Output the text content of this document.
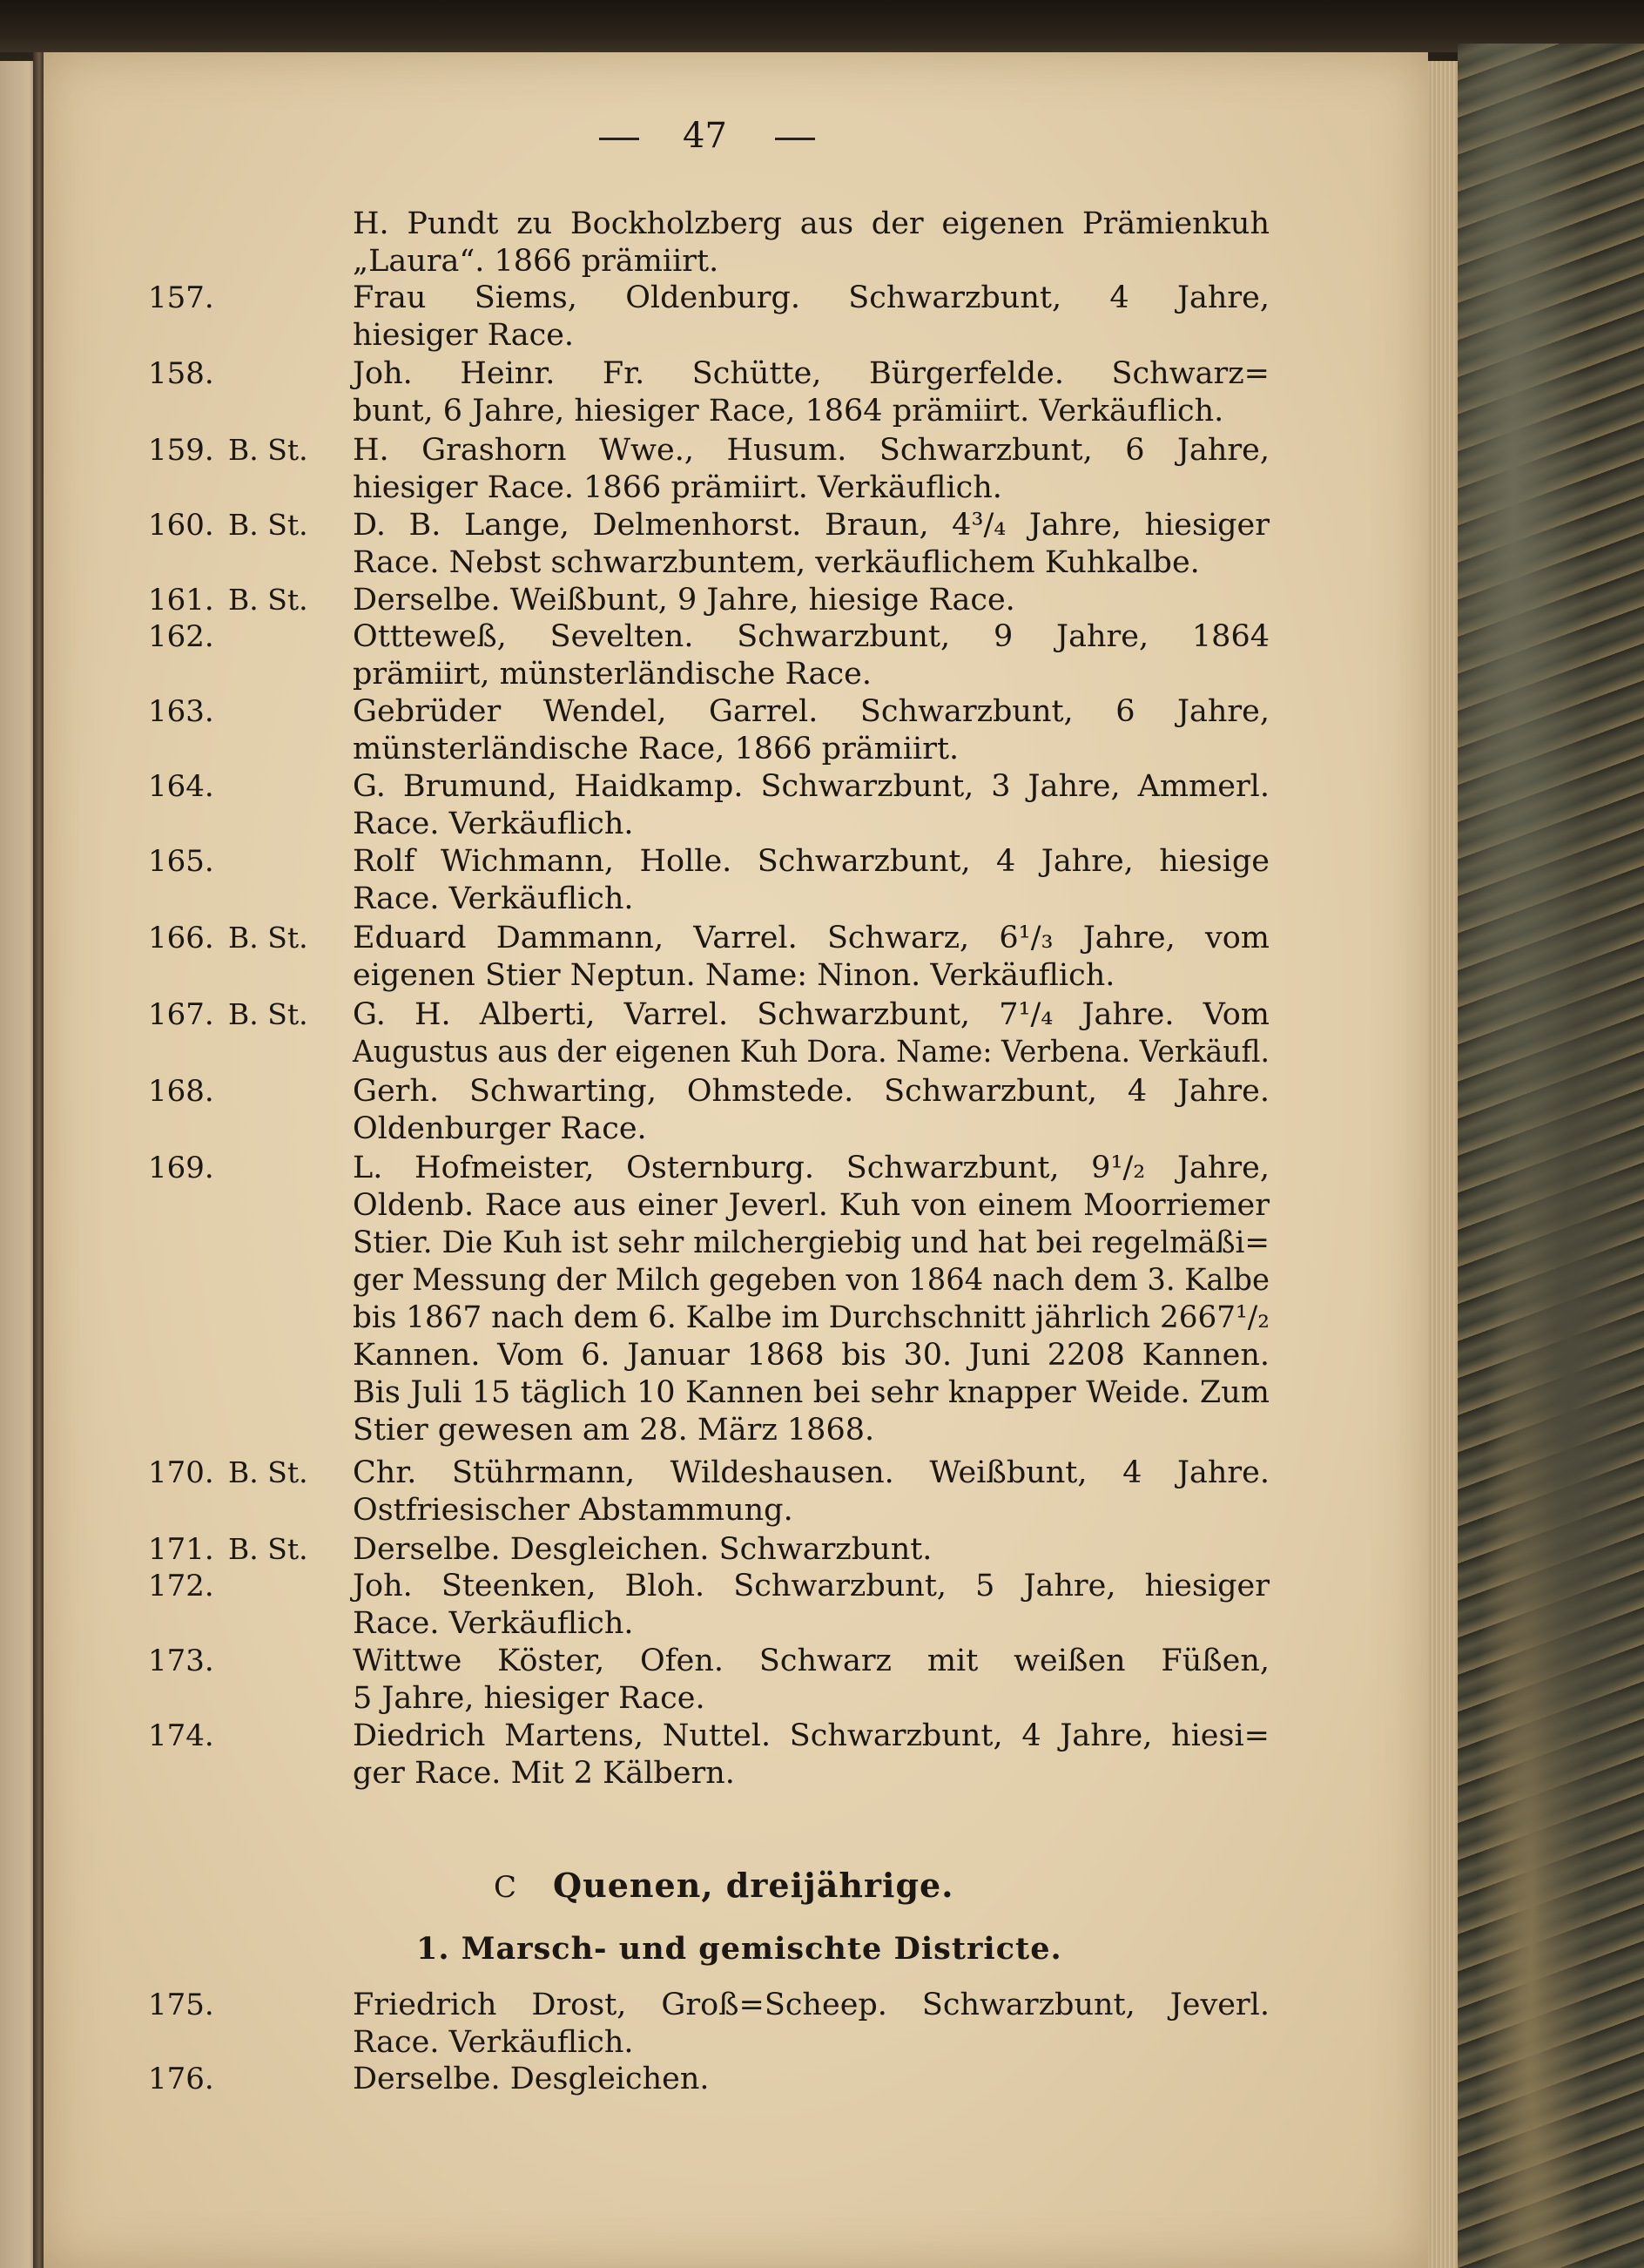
47
H. Pundt zu Bockholzberg aus der eigenen Prämienkuh
„Laura“. 1866 prämiirt.
157.	Frau Siems, Oldenburg. Schwarzbunt, 4 Jahre,
hiesiger Race.
158.	Joh. Heinr. Fr. Schütte, Bürgerfelde. Schwarz=
bunt, 6 Jahre, hiesiger Race, 1864 prämiirt. Verkäuflich.
159. B. St. H. Grashorn Wwe., Husum. Schwarzbunt, 6 Jahre,
hiesiger Race. 1866 prämiirt. Verkäuflich.
160. B. St. D. B. Lange, Delmenhorst. Braun, 4³/₄ Jahre, hiesiger
Race. Nebst schwarzbuntem, verkäuflichem Kuhkalbe.
161. B. St. Derselbe. Weißbunt, 9 Jahre, hiesige Race.
162.	Ottteweß, Sevelten. Schwarzbunt, 9 Jahre, 1864
prämiirt, münsterländische Race.
163.	Gebrüder Wendel, Garrel. Schwarzbunt, 6 Jahre,
münsterländische Race, 1866 prämiirt.
164.	G. Brumund, Haidkamp. Schwarzbunt, 3 Jahre, Ammerl.
Race. Verkäuflich.
165.	Rolf Wichmann, Holle. Schwarzbunt, 4 Jahre, hiesige
Race. Verkäuflich.
166. B. St. Eduard Dammann, Varrel. Schwarz, 6¹/₃ Jahre, vom
eigenen Stier Neptun. Name: Ninon. Verkäuflich.
167. B. St. G. H. Alberti, Varrel. Schwarzbunt, 7¹/₄ Jahre. Vom
Augustus aus der eigenen Kuh Dora. Name: Verbena. Verkäufl.
168.	Gerh. Schwarting, Ohmstede. Schwarzbunt, 4 Jahre.
Oldenburger Race.
169.	L. Hofmeister, Osternburg. Schwarzbunt, 9¹/₂ Jahre,
Oldenb. Race aus einer Jeverl. Kuh von einem Moorriemer
Stier. Die Kuh ist sehr milchergiebig und hat bei regelmäßi=
ger Messung der Milch gegeben von 1864 nach dem 3. Kalbe
bis 1867 nach dem 6. Kalbe im Durchschnitt jährlich 2667¹/₂
Kannen. Vom 6. Januar 1868 bis 30. Juni 2208 Kannen.
Bis Juli 15 täglich 10 Kannen bei sehr knapper Weide. Zum
Stier gewesen am 28. März 1868.
170. B. St. Chr. Stührmann, Wildeshausen. Weißbunt, 4 Jahre.
Ostfriesischer Abstammung.
171. B. St. Derselbe. Desgleichen. Schwarzbunt.
172.	Joh. Steenken, Bloh. Schwarzbunt, 5 Jahre, hiesiger
Race. Verkäuflich.
173.	Wittwe Köster, Ofen. Schwarz mit weißen Füßen,
5 Jahre, hiesiger Race.
174.	Diedrich Martens, Nuttel. Schwarzbunt, 4 Jahre, hiesi=
ger Race. Mit 2 Kälbern.
C Quenen, dreijährige.
1. Marsch- und gemischte Districte.
175.	Friedrich Drost, Groß=Scheep. Schwarzbunt, Jeverl.
Race. Verkäuflich.
176.	Derselbe. Desgleichen.
